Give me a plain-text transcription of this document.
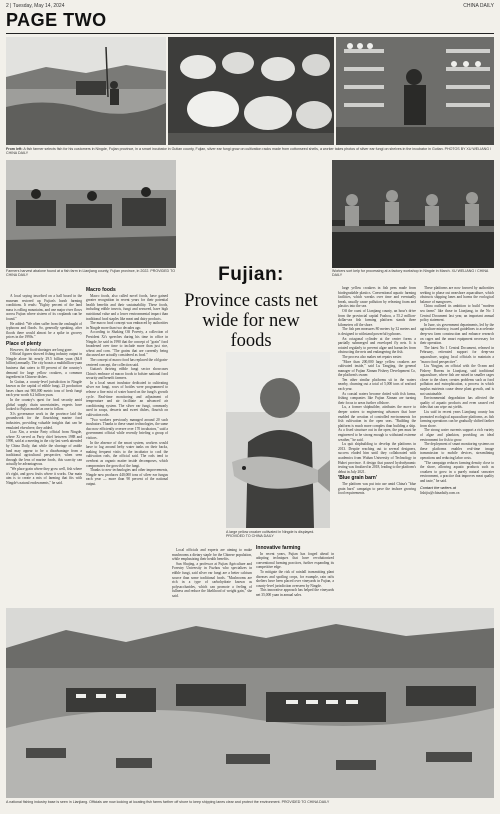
2 | Tuesday, May 14, 2024	CHINA DAILY
PAGE TWO
From left: A fish farmer selects fish for his customers in Ningde, Fujian province, in a smart incubator in Gutian county, Fujian, silver ear fungi grow on cultivation racks made from cottonseed shells, a worker takes photos of silver ear fungi on shelves in the incubator in Gutian. PHOTOS BY XU WELIANG / CHINA DAILY
Farmers harvest abalone found at a fish farm in Lianjiang county, Fujian province, in 2022. PROVIDED TO CHINA DAILY
Workers sort kelp for processing at a factory workshop in Ningde in March. XU WELIANG / CHINA DAILY
Fujian:
Province casts net wide for new foods

A local saying inscribed on a hall board in the museum restored up Fujian's harsh farming conditions. It reads: "Eighty percent of the land mass is rolling mountains, and one major river flows across Fujian where sixteen of its croplands can be found."

He added: "We often suffer from the onslaught of typhoons and floods. So, generally speaking, after floods there would almost be a spike in grocery prices in the 1990s."

Place of plenty

However, the food shortages are long gone.

Official figures showed fishing industry output in Ningde alone hit nearly 29.5 billion yuan ($4.8 billion) annually. The city boasts a multibillion-yuan business that caters to 80 percent of the country's demand for large yellow croakers, a common ingredient in Chinese dishes.

In Gutian, a county-level jurisdiction in Ningde known as the capital of edible fungi, 23 production bases churn out 900,000 metric tons of fresh fungi each year worth 6.2 billion yuan.

In the country's quest for food security amid global supply chain uncertainties, experts have looked to Fujian model as one to follow.

Xi's governance work in the province laid the groundwork for the flourishing marine food industries, providing valuable insights that can be emulated elsewhere, they added.

Liao Xin, a senior Party official from Ningde, where Xi served as Party chief between 1988 and 1990, said at a meeting in the city last week attended by China Daily, that while the shortage of arable land may appear to be a disadvantage from a traditional agricultural perspective, when seen through the lens of marine foods, this scarcity can actually be advantageous.

"We place grain where they grow well, fish where it's right, and grow fruits where it works. Our main aim is to create a mix of farming that fits with Ningde's natural endowments," he said.

Macro foods

Macro foods, also called novel foods, have gained greater recognition in recent years for their potential health benefits and their sustainability. These foods, including edible insects, fungi and seaweed, have high nutritional value and a lower environmental impact than traditional food staples like meat and dairy products.

The macro food concept was embraced by authorities in Ningde more than two decades ago.

According to Shaking Off Poverty, a collection of President Xi's speeches during his time in office in Ningde, he said in 1990 that the concept of "grain" food broadened over time to include more than just rice, wheat and corn. "The grains that are currently being discussed are actually considered as food."

The concept of macro food has replaced the old grain-centered concept, the collection said.

Gutian's thriving edible fungi sector showcases China's embrace of macro foods to bolster national food security and benefit farmers.

In a local smart incubator dedicated to cultivating silver ear fungi, rows of bottles were programmed to release a fine mist of water based on the fungi's growth cycle. Real-time monitoring and adjustment of temperature and air facilitate an advanced air conditioning system. The silver ear fungi, commonly used in soups, desserts and sweet dishes, flourish on cultivation rods.

"Two workers previously managed around 20 such incubators. Thanks to these smart technologies, the same duo now efficiently oversee over 170 incubators," said a government official while recently briefing a group of visitors.

In the absence of the smart system, workers would have to lug around hefty water tanks on their backs, making frequent visits to the incubator to cool the cultivation rods, the official said. The rods tend to overheat as organic matter inside decomposes, which compromises the growth of the fungi.

Thanks to new technologies and other improvements, Ningde now produces 440,000 tons of silver ear fungus each year — more than 90 percent of the national output.

A large yellow croaker cultivated in Ningde is displayed. PROVIDED TO CHINA DAILY

Local officials and experts are aiming to make mushrooms a dietary staple for the Chinese population, while emphasizing their health benefits.

Sun Shujing, a professor at Fujian Agriculture and Forestry University in Fuzhou who specializes in edible fungi, said silver ear fungi are a better calcium source than some traditional foods. "Mushrooms are rich in a type of carbohydrate known as polysaccharides, which can promote a feeling of fullness and reduce the likelihood of weight gain," she said.

Innovative farming

In recent years, Fujian has forged ahead in adopting techniques that have revolutionized conventional farming practices, further expanding its competitive edge.

To mitigate the risk of rainfall transmitting plant diseases and spoiling crops, for example, rain rafts shelters have been placed over vineyards in Fujian, a county-level jurisdiction overseen by Ningde.

This innovative approach has helped the vineyards net 35,000 yuan in annual sales.

large yellow croakers in fish pens made from biodegradable plastics. Conventional aquatic farming facilities, which wreaks over time and eventually break, usually cause pollution by releasing foam and plastics into the sea.

Off the coast of Lianjiang county, an hour's drive from the provincial capital Fuzhou, a 55.2 million-dollar-sea fish farming platform stands three kilometers off the shore.

The fish pen measures 80 meters by 32 meters and is designed to withstand powerful typhoons.

An octagonal cylinder at the center forms a partially submerged and enveloped fly nets. It is rotated regularly to prevent algae and barnacles from obstructing the nets and endangering the fish.

The process also makes net repairs easier.

"More than 200,000 large yellow croakers are cultivated inside," said Lu Tangjing, the general manager of Fujian Xinnan Fishery Development Co, the platform's owner.

Ten other similar platforms sit in the waters nearby, churning out a total of 5,000 tons of seafood each year.

As coastal waters become dotted with fish farms, fishing companies like Fujian Xinnan are turning their focus to areas further offshore.

Lu, a former shipbuilder, attributes the move to deeper waters to engineering advances that have enabled the creation of controlled environments for fish cultivation in the open seas. "Building the platform is much more complex than building a ship. As a fixed structure out in the open, the pen must be engineered to be strong enough to withstand extreme weather," he said.

Lu quit shipbuilding to develop the platforms in 2013. Despite reaching out to several designers, success eluded him until they collaborated with academics from Wuhan University of Technology in Hubei province. A design that passed hydrodynamic testing was finalized in 2018, leading to the platform's debut in July 2021.

'Blue grain barn'

The platform was put into use amid China's "blue grain barn" campaign to pave the inshore growing food requirements.

These platforms are now favored by authorities seeking to phase out nearshore aquaculture, which obstructs shipping lanes and harms the ecological balance of mangroves.

China outlined its ambition to build "modern sea farms" like those in Lianjiang, in the No 1 Central Document last year, an important annual policy statement.

In June, six government departments, led by the agriculture ministry, issued guidelines to accelerate deep-sea farm construction and enhance research on cages and the smart equipment necessary for their operation.

The latest No 1 Central Document, released in February, reiterated support for deep-sea aquaculture, urging local officials to maintain a "macro food perspective".

Liu Yingjun, an official with the Ocean and Fishery Bureau in Lianjiang, said traditional aquaculture, where fish are raised in smaller cages closer to the shore, creates problems such as food pollution and eutrophication, a process in which surplus nutrients cause dense plant growth, and is not sustainable.

Environmental degradation has affected the quality of aquatic products and even caused red tides that can wipe out yields.

Liu said in recent years Lianjiang county has promoted ecological aquaculture platforms, as fish farming operations can be gradually shifted farther from shore.

The strong water currents support a rich variety of algae and plankton, providing an ideal environment for fish to grow.

The deployment of smart monitoring systems on these platforms enables real-time image transmission to mobile devices, streamlining operations and reducing labor costs.

"The campaign reduces farming density close to the shore, allowing aquatic products such as croakers to grow in a purely natural seawater environment, a practice that improves meat quality and taste," he said.

Contact the writers at
lishijiu@chinadaily.com.cn
A national fishing industry base is seen in Lianjiang. Officials are now looking at locating fish farms farther off shore to keep shipping lanes clear and protect the environment. PROVIDED TO CHINA DAILY
